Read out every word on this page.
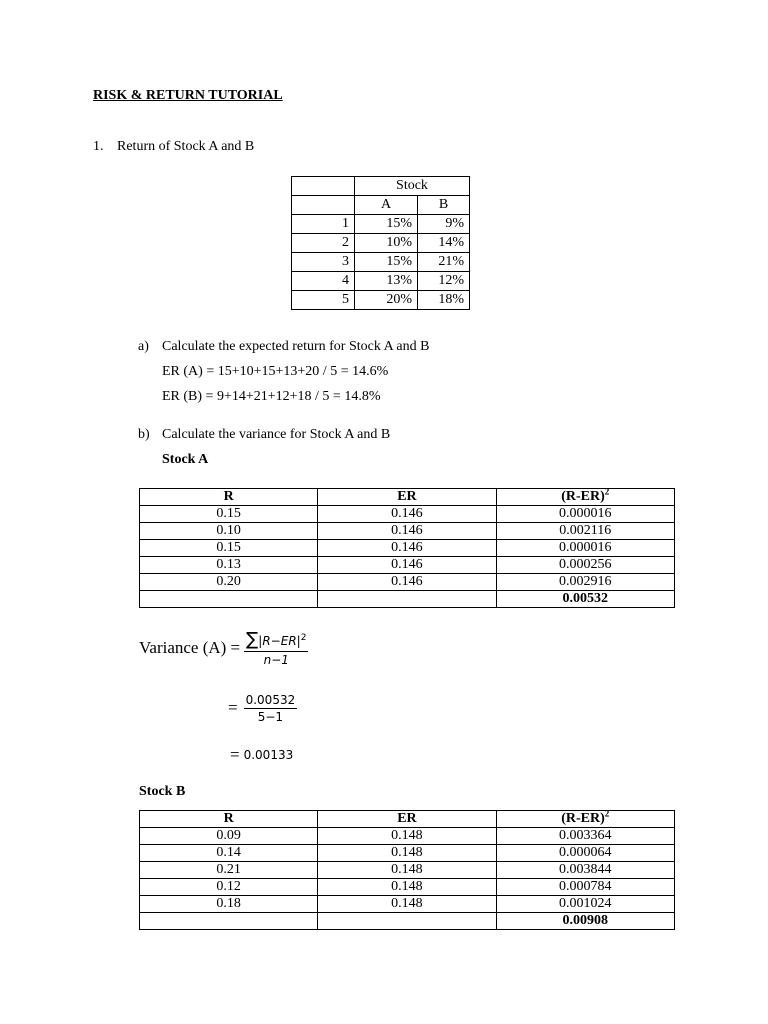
RISK & RETURN TUTORIAL
1. Return of Stock A and B
	Stock	
	A	B
1	15%	9%
2	10%	14%
3	15%	21%
4	13%	12%
5	20%	18%
a) Calculate the expected return for Stock A and B
ER (A) = 15+10+15+13+20 / 5 = 14.6%
ER (B) = 9+14+21+12+18 / 5 = 14.8%
b) Calculate the variance for Stock A and B
Stock A
R	ER	$(R-ER)^2$
0.15	0.146	0.000016
0.10	0.146	0.002116
0.15	0.146	0.000016
0.13	0.146	0.000256
0.20	0.146	0.002916
		0.00532
Variance $(A) = \frac{\sum|R-ER|^2}{n-1}$
= $\frac{0.00532}{5-1}$
= 0.00133
Stock B
R	ER	$(R-ER)^2$
0.09	0.148	0.003364
0.14	0.148	0.000064
0.21	0.148	0.003844
0.12	0.148	0.000784
0.18	0.148	0.001024
		0.00908
